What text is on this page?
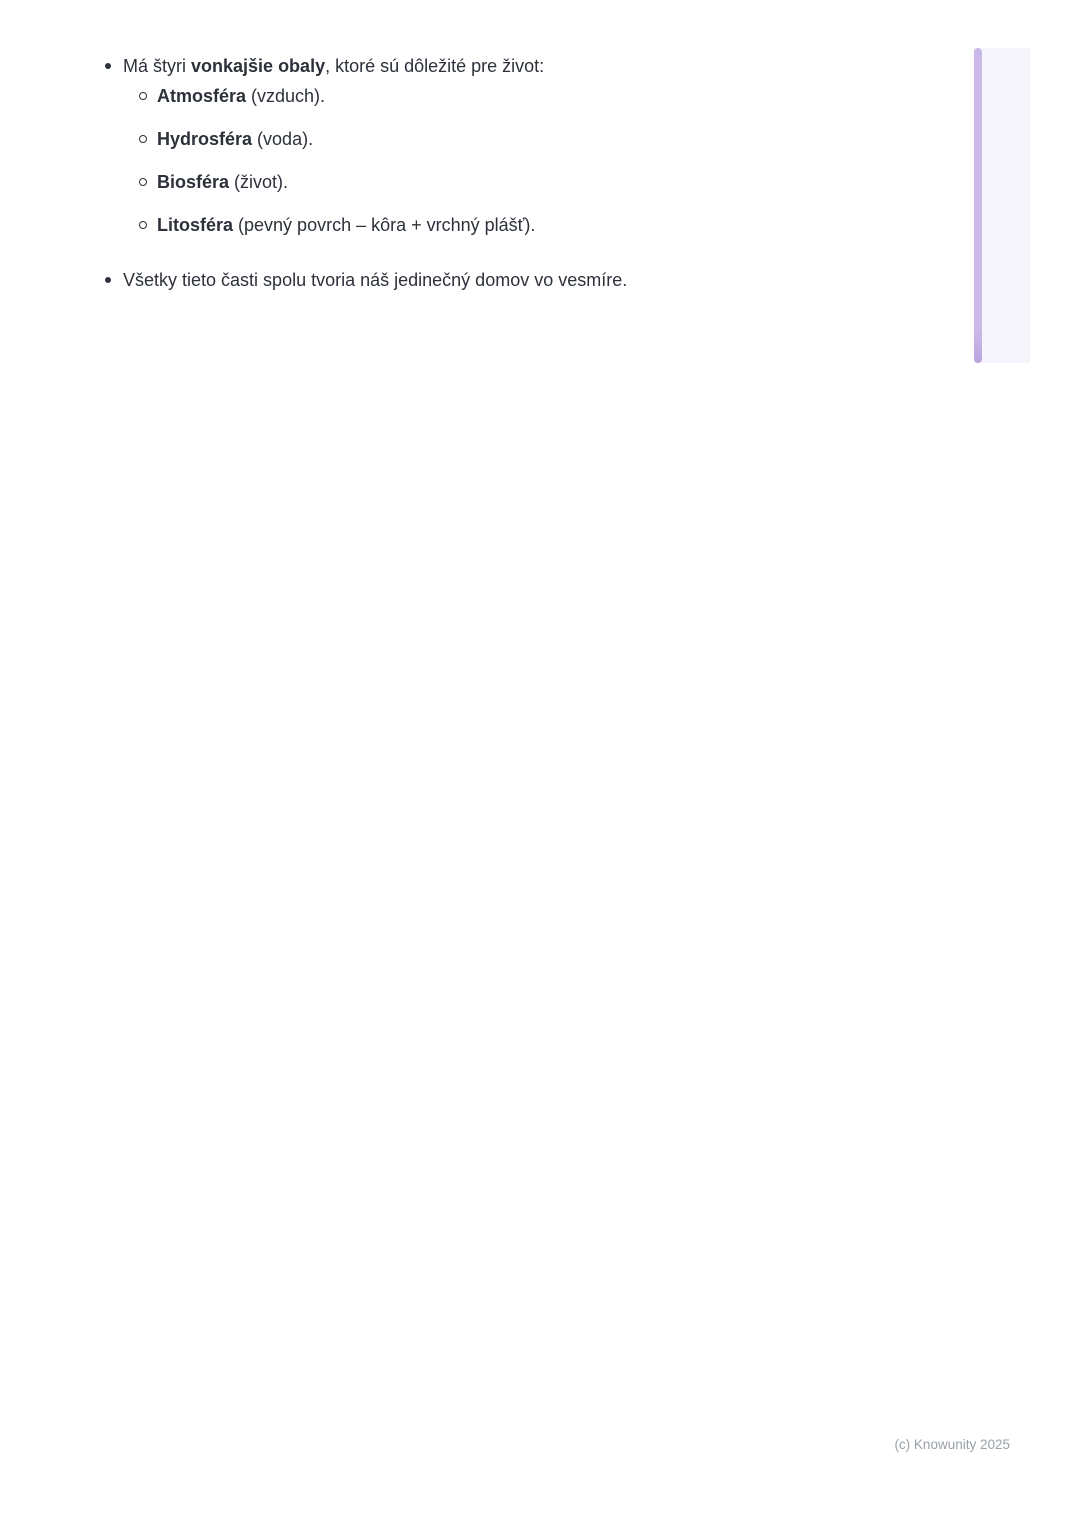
Má štyri vonkajšie obaly, ktoré sú dôležité pre život:
Atmosféra (vzduch).
Hydrosféra (voda).
Biosféra (život).
Litosféra (pevný povrch – kôra + vrchný plášť).
Všetky tieto časti spolu tvoria náš jedinečný domov vo vesmíre.
(c) Knowunity 2025
